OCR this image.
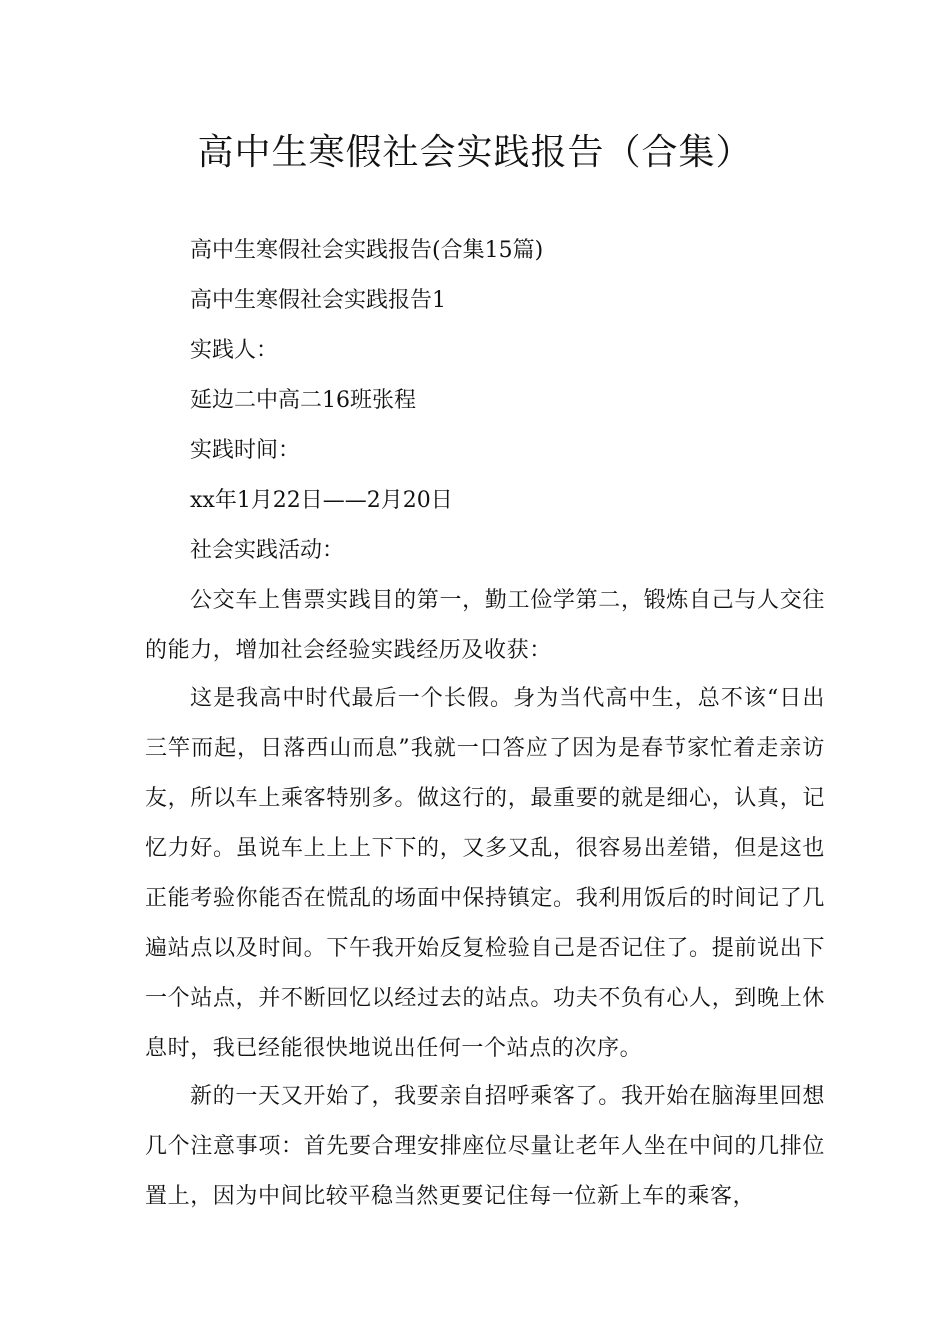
高中生寒假社会实践报告（合集）

高中生寒假社会实践报告(合集15篇)

高中生寒假社会实践报告1

实践人：

延边二中高二16班张程

实践时间：

xx年1月22日——2月20日

社会实践活动：

公交车上售票实践目的第一，勤工俭学第二，锻炼自己与人交往的能力，增加社会经验实践经历及收获：

这是我高中时代最后一个长假。身为当代高中生，总不该“日出三竿而起，日落西山而息”我就一口答应了因为是春节家忙着走亲访友，所以车上乘客特别多。做这行的，最重要的就是细心，认真，记忆力好。虽说车上上上下下的，又多又乱，很容易出差错，但是这也正能考验你能否在慌乱的场面中保持镇定。我利用饭后的时间记了几遍站点以及时间。下午我开始反复检验自己是否记住了。提前说出下一个站点，并不断回忆以经过去的站点。功夫不负有心人，到晚上休息时，我已经能很快地说出任何一个站点的次序。

新的一天又开始了，我要亲自招呼乘客了。我开始在脑海里回想几个注意事项：首先要合理安排座位尽量让老年人坐在中间的几排位置上，因为中间比较平稳当然更要记住每一位新上车的乘客，
